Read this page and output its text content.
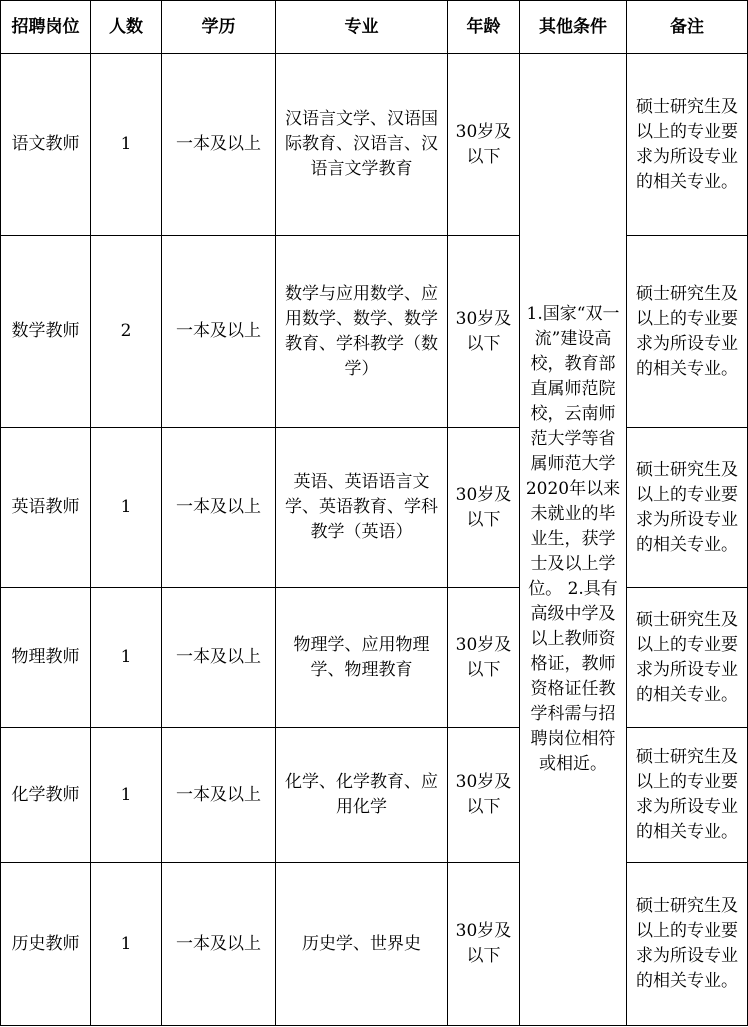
招聘岗位	人数	学历	专业	年龄	其他条件	备注
语文教师	1	一本及以上	汉语言文学、汉语国际教育、汉语言、汉语言文学教育	30岁及以下	1.国家“双一流”建设高校，教育部直属师范院校，云南师范大学等省属师范大学2020年以来未就业的毕业生，获学士及以上学位。 2.具有高级中学及以上教师资格证，教师资格证任教学科需与招聘岗位相符或相近。	硕士研究生及以上的专业要求为所设专业的相关专业。
数学教师	2	一本及以上	数学与应用数学、应用数学、数学、数学教育、学科教学（数学）	30岁及以下		硕士研究生及以上的专业要求为所设专业的相关专业。
英语教师	1	一本及以上	英语、英语语言文学、英语教育、学科教学（英语）	30岁及以下		硕士研究生及以上的专业要求为所设专业的相关专业。
物理教师	1	一本及以上	物理学、应用物理学、物理教育	30岁及以下		硕士研究生及以上的专业要求为所设专业的相关专业。
化学教师	1	一本及以上	化学、化学教育、应用化学	30岁及以下		硕士研究生及以上的专业要求为所设专业的相关专业。
历史教师	1	一本及以上	历史学、世界史	30岁及以下		硕士研究生及以上的专业要求为所设专业的相关专业。
